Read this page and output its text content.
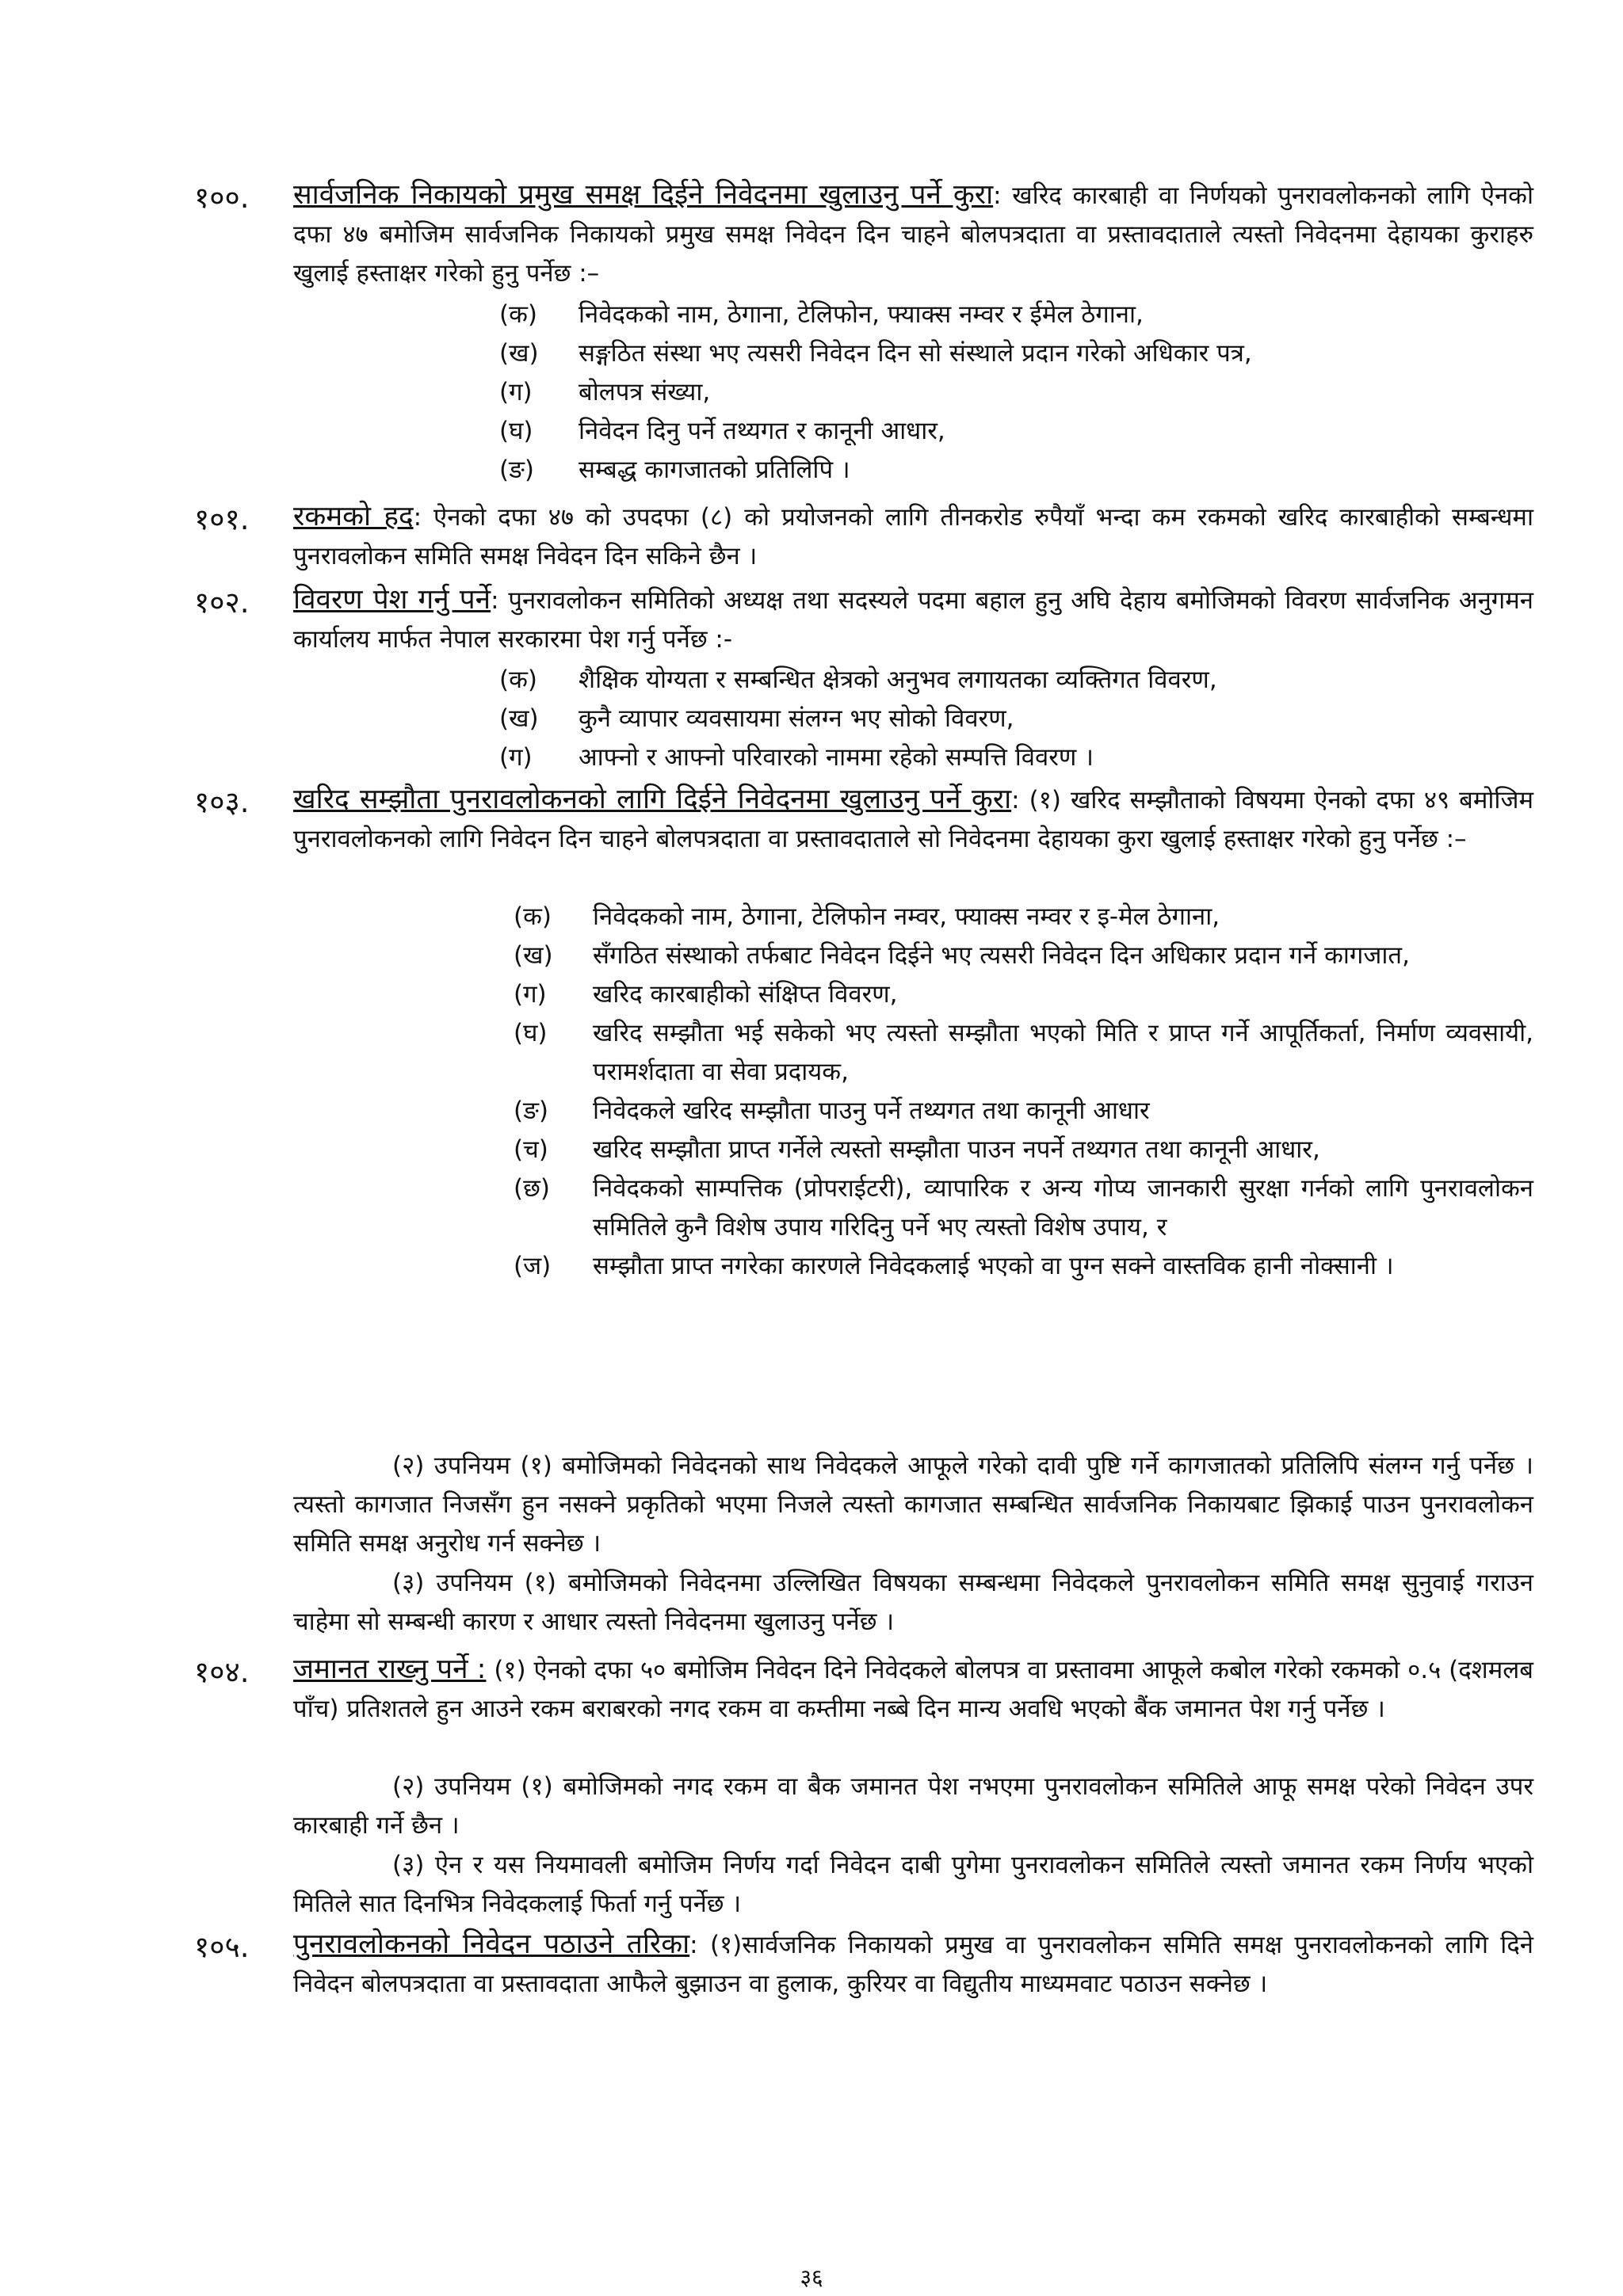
१००. सार्वजनिक निकायको प्रमुख समक्ष दिईने निवेदनमा खुलाउनु पर्ने कुरा: खरिद कारबाही वा निर्णयको पुनरावलोकनको लागि ऐनको दफा ४७ बमोजिम सार्वजनिक निकायको प्रमुख समक्ष निवेदन दिन चाहने बोलपत्रदाता वा प्रस्तावदाताले त्यस्तो निवेदनमा देहायका कुराहरु खुलाई हस्ताक्षर गरेको हुनु पर्नेछ :–
(क) निवेदकको नाम, ठेगाना, टेलिफोन, फ्याक्स नम्वर र ईमेल ठेगाना,
(ख) सङ्गठित संस्था भए त्यसरी निवेदन दिन सो संस्थाले प्रदान गरेको अधिकार पत्र,
(ग) बोलपत्र संख्या,
(घ) निवेदन दिनु पर्ने तथ्यगत र कानूनी आधार,
(ङ) सम्बद्ध कागजातको प्रतिलिपि ।
१०१. रकमको हद: ऐनको दफा ४७ को उपदफा (८) को प्रयोजनको लागि तीनकरोड रुपैयाँ भन्दा कम रकमको खरिद कारबाहीको सम्बन्धमा पुनरावलोकन समिति समक्ष निवेदन दिन सकिने छैन ।
१०२. विवरण पेश गर्नु पर्ने: पुनरावलोकन समितिको अध्यक्ष तथा सदस्यले पदमा बहाल हुनु अघि देहाय बमोजिमको विवरण सार्वजनिक अनुगमन कार्यालय मार्फत नेपाल सरकारमा पेश गर्नु पर्नेछ :-
(क) शैक्षिक योग्यता र सम्बन्धित क्षेत्रको अनुभव लगायतका व्यक्तिगत विवरण,
(ख) कुनै व्यापार व्यवसायमा संलग्न भए सोको विवरण,
(ग) आफ्नो र आफ्नो परिवारको नाममा रहेको सम्पत्ति विवरण ।
१०३. खरिद सम्झौता पुनरावलोकनको लागि दिईने निवेदनमा खुलाउनु पर्ने कुरा: (१) खरिद सम्झौताको विषयमा ऐनको दफा ४९ बमोजिम पुनरावलोकनको लागि निवेदन दिन चाहने बोलपत्रदाता वा प्रस्तावदाताले सो निवेदनमा देहायका कुरा खुलाई हस्ताक्षर गरेको हुनु पर्नेछ :–
(क) निवेदकको नाम, ठेगाना, टेलिफोन नम्वर, फ्याक्स नम्वर र इ-मेल ठेगाना,
(ख) सँगठित संस्थाको तर्फबाट निवेदन दिईने भए त्यसरी निवेदन दिन अधिकार प्रदान गर्ने कागजात,
(ग) खरिद कारबाहीको संक्षिप्त विवरण,
(घ) खरिद सम्झौता भई सकेको भए त्यस्तो सम्झौता भएको मिति र प्राप्त गर्ने आपूर्तिकर्ता, निर्माण व्यवसायी, परामर्शदाता वा सेवा प्रदायक,
(ङ) निवेदकले खरिद सम्झौता पाउनु पर्ने तथ्यगत तथा कानूनी आधार
(च) खरिद सम्झौता प्राप्त गर्नेले त्यस्तो सम्झौता पाउन नपर्ने तथ्यगत तथा कानूनी आधार,
(छ) निवेदकको साम्पत्तिक (प्रोपराईटरी), व्यापारिक र अन्य गोप्य जानकारी सुरक्षा गर्नको लागि पुनरावलोकन समितिले कुनै विशेष उपाय गरिदिनु पर्ने भए त्यस्तो विशेष उपाय, र
(ज) सम्झौता प्राप्त नगरेका कारणले निवेदकलाई भएको वा पुग्न सक्ने वास्तविक हानी नोक्सानी ।
(२) उपनियम (१) बमोजिमको निवेदनको साथ निवेदकले आफूले गरेको दावी पुष्टि गर्ने कागजातको प्रतिलिपि संलग्न गर्नु पर्नेछ । त्यस्तो कागजात निजसँग हुन नसक्ने प्रकृतिको भएमा निजले त्यस्तो कागजात सम्बन्धित सार्वजनिक निकायबाट झिकाई पाउन पुनरावलोकन समिति समक्ष अनुरोध गर्न सक्नेछ ।
(३) उपनियम (१) बमोजिमको निवेदनमा उल्लिखित विषयका सम्बन्धमा निवेदकले पुनरावलोकन समिति समक्ष सुनुवाई गराउन चाहेमा सो सम्बन्धी कारण र आधार त्यस्तो निवेदनमा खुलाउनु पर्नेछ ।
१०४. जमानत राख्नु पर्ने : (१) ऐनको दफा ५० बमोजिम निवेदन दिने निवेदकले बोलपत्र वा प्रस्तावमा आफूले कबोल गरेको रकमको ०.५ (दशमलब पाँच) प्रतिशतले हुन आउने रकम बराबरको नगद रकम वा कम्तीमा नब्बे दिन मान्य अवधि भएको बैंक जमानत पेश गर्नु पर्नेछ ।
(२) उपनियम (१) बमोजिमको नगद रकम वा बैक जमानत पेश नभएमा पुनरावलोकन समितिले आफू समक्ष परेको निवेदन उपर कारबाही गर्ने छैन ।
(३) ऐन र यस नियमावली बमोजिम निर्णय गर्दा निवेदन दाबी पुगेमा पुनरावलोकन समितिले त्यस्तो जमानत रकम निर्णय भएको मितिले सात दिनभित्र निवेदकलाई फिर्ता गर्नु पर्नेछ ।
१०५. पुनरावलोकनको निवेदन पठाउने तरिका: (१)सार्वजनिक निकायको प्रमुख वा पुनरावलोकन समिति समक्ष पुनरावलोकनको लागि दिने निवेदन बोलपत्रदाता वा प्रस्तावदाता आफैले बुझाउन वा हुलाक, कुरियर वा विद्युतीय माध्यमवाट पठाउन सक्नेछ ।
३६
